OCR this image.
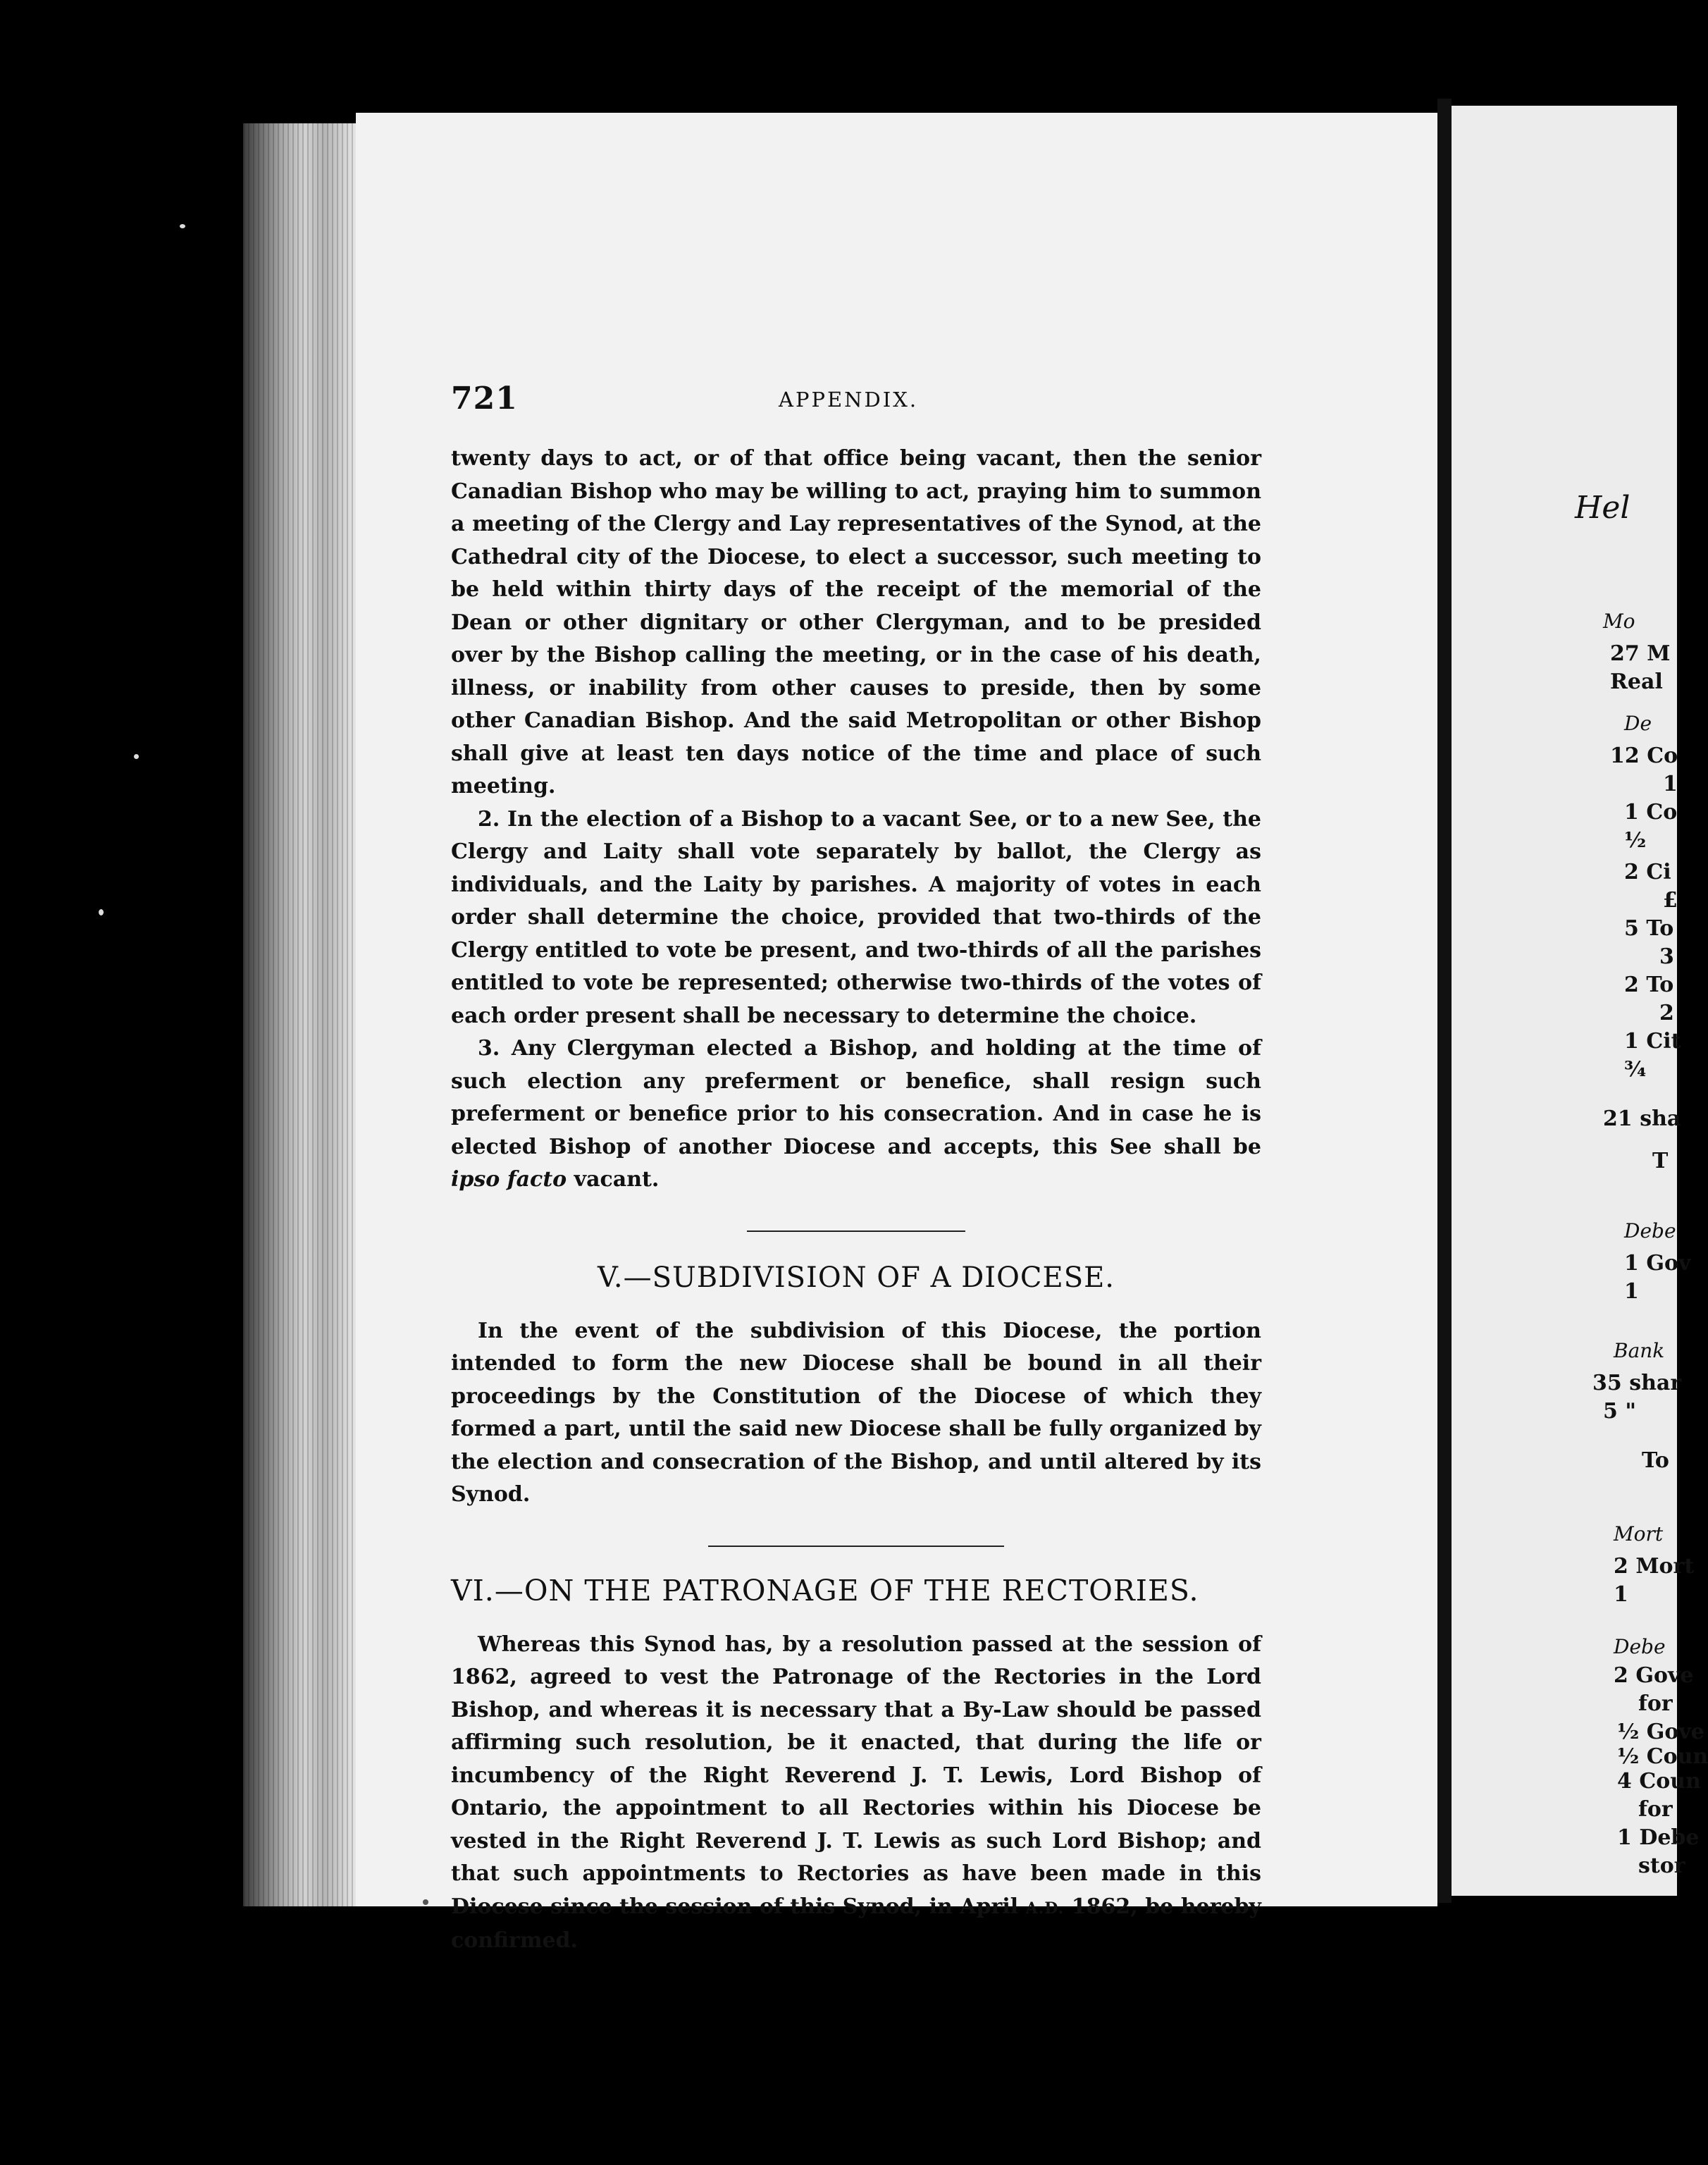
Hel
Mo
27 M
Real
De
12 Co
1
1 Co
½
2 Ci
£
5 To
3
2 To
2
1 Cit
¾
21 sha
T
Debe
1 Gov
1
Bank
35 shar
5 "
To
Mort
2 Mort
1
Debe
2 Gove
for
½ Gove
½ Coun
4 Coun
for
1 Debe
stor
721	APPENDIX.

twenty days to act, or of that office being vacant, then the senior Canadian Bishop who may be willing to act, praying him to summon a meeting of the Clergy and Lay representatives of the Synod, at the Cathedral city of the Diocese, to elect a successor, such meeting to be held within thirty days of the receipt of the memorial of the Dean or other dignitary or other Clergyman, and to be presided over by the Bishop calling the meeting, or in the case of his death, illness, or inability from other causes to preside, then by some other Canadian Bishop. And the said Metropolitan or other Bishop shall give at least ten days notice of the time and place of such meeting.

2. In the election of a Bishop to a vacant See, or to a new See, the Clergy and Laity shall vote separately by ballot, the Clergy as individuals, and the Laity by parishes. A majority of votes in each order shall determine the choice, provided that two-thirds of the Clergy entitled to vote be present, and two-thirds of all the parishes entitled to vote be represented; otherwise two-thirds of the votes of each order present shall be necessary to determine the choice.

3. Any Clergyman elected a Bishop, and holding at the time of such election any preferment or benefice, shall resign such preferment or benefice prior to his consecration. And in case he is elected Bishop of another Diocese and accepts, this See shall be ipso facto vacant.

V.—SUBDIVISION OF A DIOCESE.

In the event of the subdivision of this Diocese, the portion intended to form the new Diocese shall be bound in all their proceedings by the Constitution of the Diocese of which they formed a part, until the said new Diocese shall be fully organized by the election and consecration of the Bishop, and until altered by its Synod.

VI.—ON THE PATRONAGE OF THE RECTORIES.

Whereas this Synod has, by a resolution passed at the session of 1862, agreed to vest the Patronage of the Rectories in the Lord Bishop, and whereas it is necessary that a By-Law should be passed affirming such resolution, be it enacted, that during the life or incumbency of the Right Reverend J. T. Lewis, Lord Bishop of Ontario, the appointment to all Rectories within his Diocese be vested in the Right Reverend J. T. Lewis as such Lord Bishop; and that such appointments to Rectories as have been made in this Diocese since the session of this Synod, in April A.D. 1862, be hereby confirmed.
